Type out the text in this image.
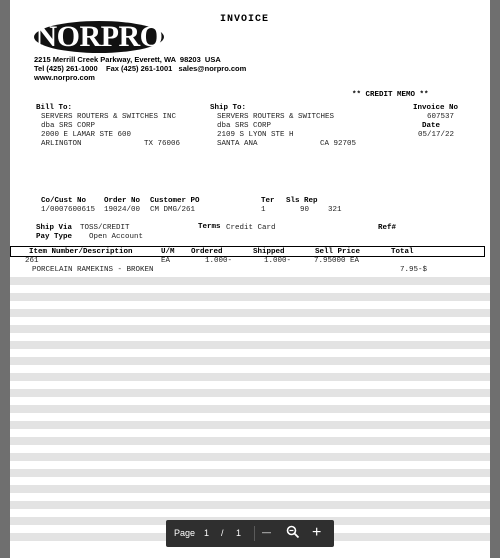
INVOICE
NORPRO
2215 Merrill Creek Parkway, Everett, WA  98203  USA
Tel (425) 261-1000    Fax (425) 261-1001   sales@norpro.com
www.norpro.com
** CREDIT MEMO **
Bill To:
SERVERS ROUTERS & SWITCHES INC
dba SRS CORP
2000 E LAMAR STE 600
ARLINGTON	TX 76006
Ship To:
SERVERS ROUTERS & SWITCHES
dba SRS CORP
2109 S LYON STE H
SANTA ANA	CA 92705
Invoice No
607537
Date
05/17/22
Co/Cust No Order No Customer PO	Ter Sls Rep
1/0007600615 19024/00 CM DMG/261	1	90	321
Ship Via TOSS/CREDIT	Terms Credit Card	Ref#
Pay Type Open Account
Item Number/Description	U/M Ordered	Shipped	Sell Price	Total
261	EA	1.000-	1.000-	7.95000 EA
PORCELAIN RAMEKINS - BROKEN	7.95-$
Page 1 / 1 —	+
